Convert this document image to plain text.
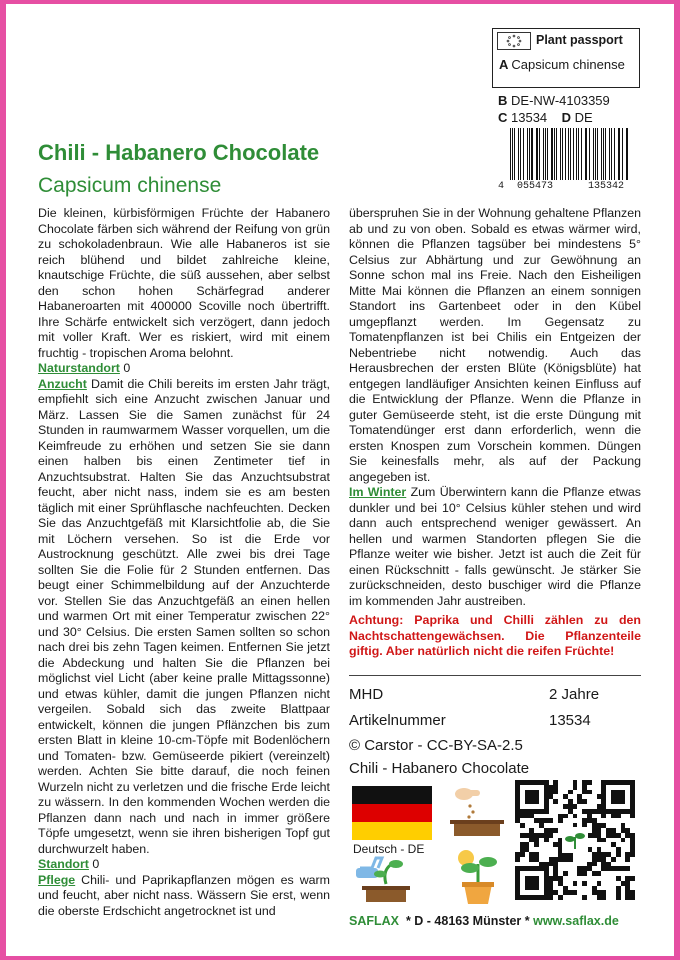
Plant passport
A Capsicum chinense
B DE-NW-4103359
C 13534 D DE
4 055473	135342
Chili - Habanero Chocolate
Capsicum chinense

Die kleinen, kürbisförmigen Früchte der Habanero Chocolate färben sich während der Reifung von grün zu schokoladenbraun. Wie alle Habaneros ist sie reich blühend und bildet zahlreiche kleine, knautschige Früchte, die süß aussehen, aber selbst den schon hohen Schärfegrad anderer Habaneroarten mit 400000 Scoville noch übertrifft. Ihre Schärfe entwickelt sich verzögert, dann jedoch mit voller Kraft. Wer es riskiert, wird mit einem fruchtig - tropischen Aroma belohnt.

Naturstandort 0

Anzucht Damit die Chili bereits im ersten Jahr trägt, empfiehlt sich eine Anzucht zwischen Januar und März. Lassen Sie die Samen zunächst für 24 Stunden in raumwarmem Wasser vorquellen, um die Keimfreude zu erhöhen und setzen Sie sie dann einen halben bis einen Zentimeter tief in Anzuchtsubstrat. Halten Sie das Anzuchtsubstrat feucht, aber nicht nass, indem sie es am besten täglich mit einer Sprühflasche nachfeuchten. Decken Sie das Anzuchtgefäß mit Klarsichtfolie ab, die Sie mit Löchern versehen. So ist die Erde vor Austrocknung geschützt. Alle zwei bis drei Tage sollten Sie die Folie für 2 Stunden entfernen. Das beugt einer Schimmelbildung auf der Anzuchterde vor. Stellen Sie das Anzuchtgefäß an einen hellen und warmen Ort mit einer Temperatur zwischen 22° und 30° Celsius. Die ersten Samen sollten so schon nach drei bis zehn Tagen keimen. Entfernen Sie jetzt die Abdeckung und halten Sie die Pflanzen bei möglichst viel Licht (aber keine pralle Mittagssonne) und etwas kühler, damit die jungen Pflanzen nicht vergeilen. Sobald sich das zweite Blattpaar entwickelt, können die jungen Pflänzchen bis zum ersten Blatt in kleine 10-cm-Töpfe mit Bodenlöchern und Tomaten- bzw. Gemüseerde pikiert (vereinzelt) werden. Achten Sie bitte darauf, die noch feinen Wurzeln nicht zu verletzen und die frische Erde leicht zu wässern. In den kommenden Wochen werden die Pflanzen dann nach und nach in immer größere Töpfe umgesetzt, wenn sie ihren bisherigen Topf gut durchwurzelt haben.

Standort 0

Pflege Chili- und Paprikapflanzen mögen es warm und feucht, aber nicht nass. Wässern Sie erst, wenn die oberste Erdschicht angetrocknet ist und

überspruhen Sie in der Wohnung gehaltene Pflanzen ab und zu von oben. Sobald es etwas wärmer wird, können die Pflanzen tagsüber bei mindestens 5° Celsius zur Abhärtung und zur Gewöhnung an Sonne schon mal ins Freie. Nach den Eisheiligen Mitte Mai können die Pflanzen an einem sonnigen Standort ins Gartenbeet oder in den Kübel umgepflanzt werden. Im Gegensatz zu Tomatenpflanzen ist bei Chilis ein Entgeizen der Nebentriebe nicht notwendig. Auch das Herausbrechen der ersten Blüte (Königsblüte) hat entgegen landläufiger Ansichten keinen Einfluss auf die Entwicklung der Pflanze. Wenn die Pflanze in guter Gemüseerde steht, ist die erste Düngung mit Tomatendünger erst dann erforderlich, wenn die ersten Knospen zum Vorschein kommen. Düngen Sie keinesfalls mehr, als auf der Packung angegeben ist.

Im Winter Zum Überwintern kann die Pflanze etwas dunkler und bei 10° Celsius kühler stehen und wird dann auch entsprechend weniger gewässert. An hellen und warmen Standorten pflegen Sie die Pflanze weiter wie bisher. Jetzt ist auch die Zeit für einen Rückschnitt - falls gewünscht. Je stärker Sie zurückschneiden, desto buschiger wird die Pflanze im kommenden Jahr austreiben.

Achtung: Paprika und Chilli zählen zu den Nachtschattengewächsen. Die Pflanzenteile giftig. Aber natürlich nicht die reifen Früchte!

MHD	2 Jahre
Artikelnummer	13534
© Carstor - CC-BY-SA-2.5
Chili - Habanero Chocolate
Deutsch - DE
SAFLAX * D - 48163 Münster * www.saflax.de
